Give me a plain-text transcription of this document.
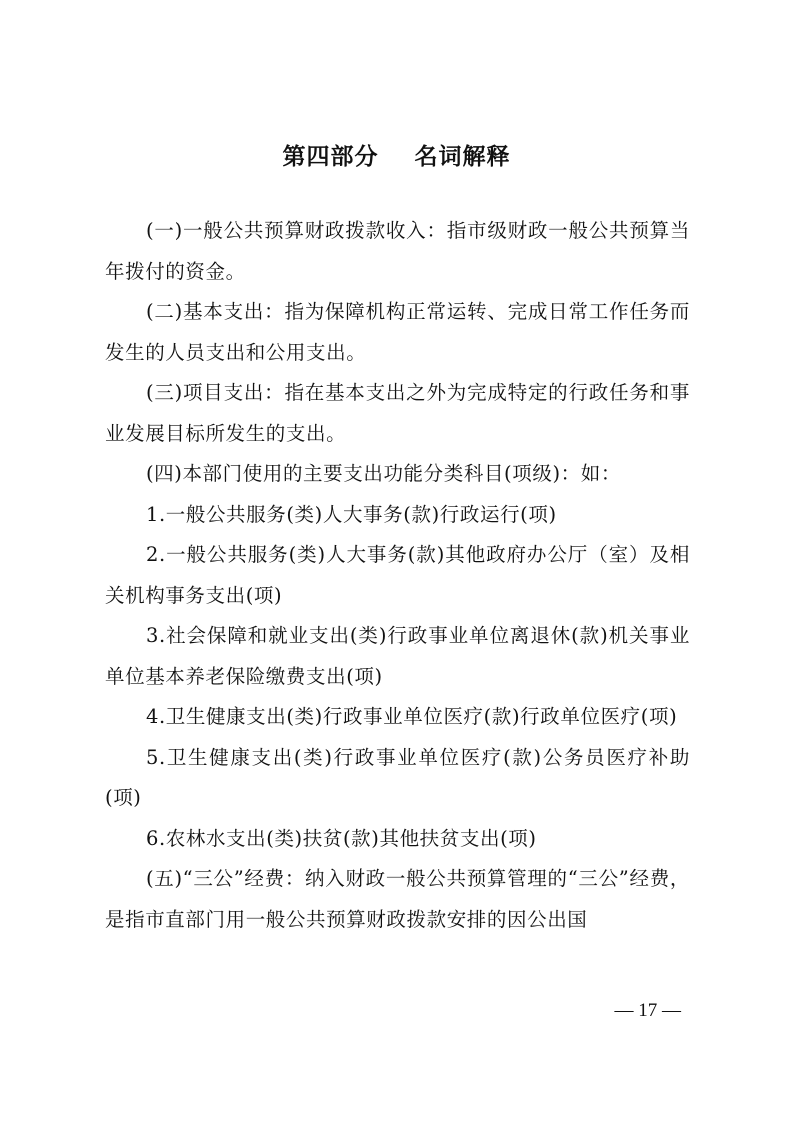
第四部分    名词解释

(一)一般公共预算财政拨款收入：指市级财政一般公共预算当年拨付的资金。

(二)基本支出：指为保障机构正常运转、完成日常工作任务而发生的人员支出和公用支出。

(三)项目支出：指在基本支出之外为完成特定的行政任务和事业发展目标所发生的支出。

(四)本部门使用的主要支出功能分类科目(项级)：如：

1.一般公共服务(类)人大事务(款)行政运行(项)

2.一般公共服务(类)人大事务(款)其他政府办公厅（室）及相关机构事务支出(项)

3.社会保障和就业支出(类)行政事业单位离退休(款)机关事业单位基本养老保险缴费支出(项)

4.卫生健康支出(类)行政事业单位医疗(款)行政单位医疗(项)

5.卫生健康支出(类)行政事业单位医疗(款)公务员医疗补助(项)

6.农林水支出(类)扶贫(款)其他扶贫支出(项)

(五)“三公”经费：纳入财政一般公共预算管理的“三公”经费，是指市直部门用一般公共预算财政拨款安排的因公出国

— 17 —
